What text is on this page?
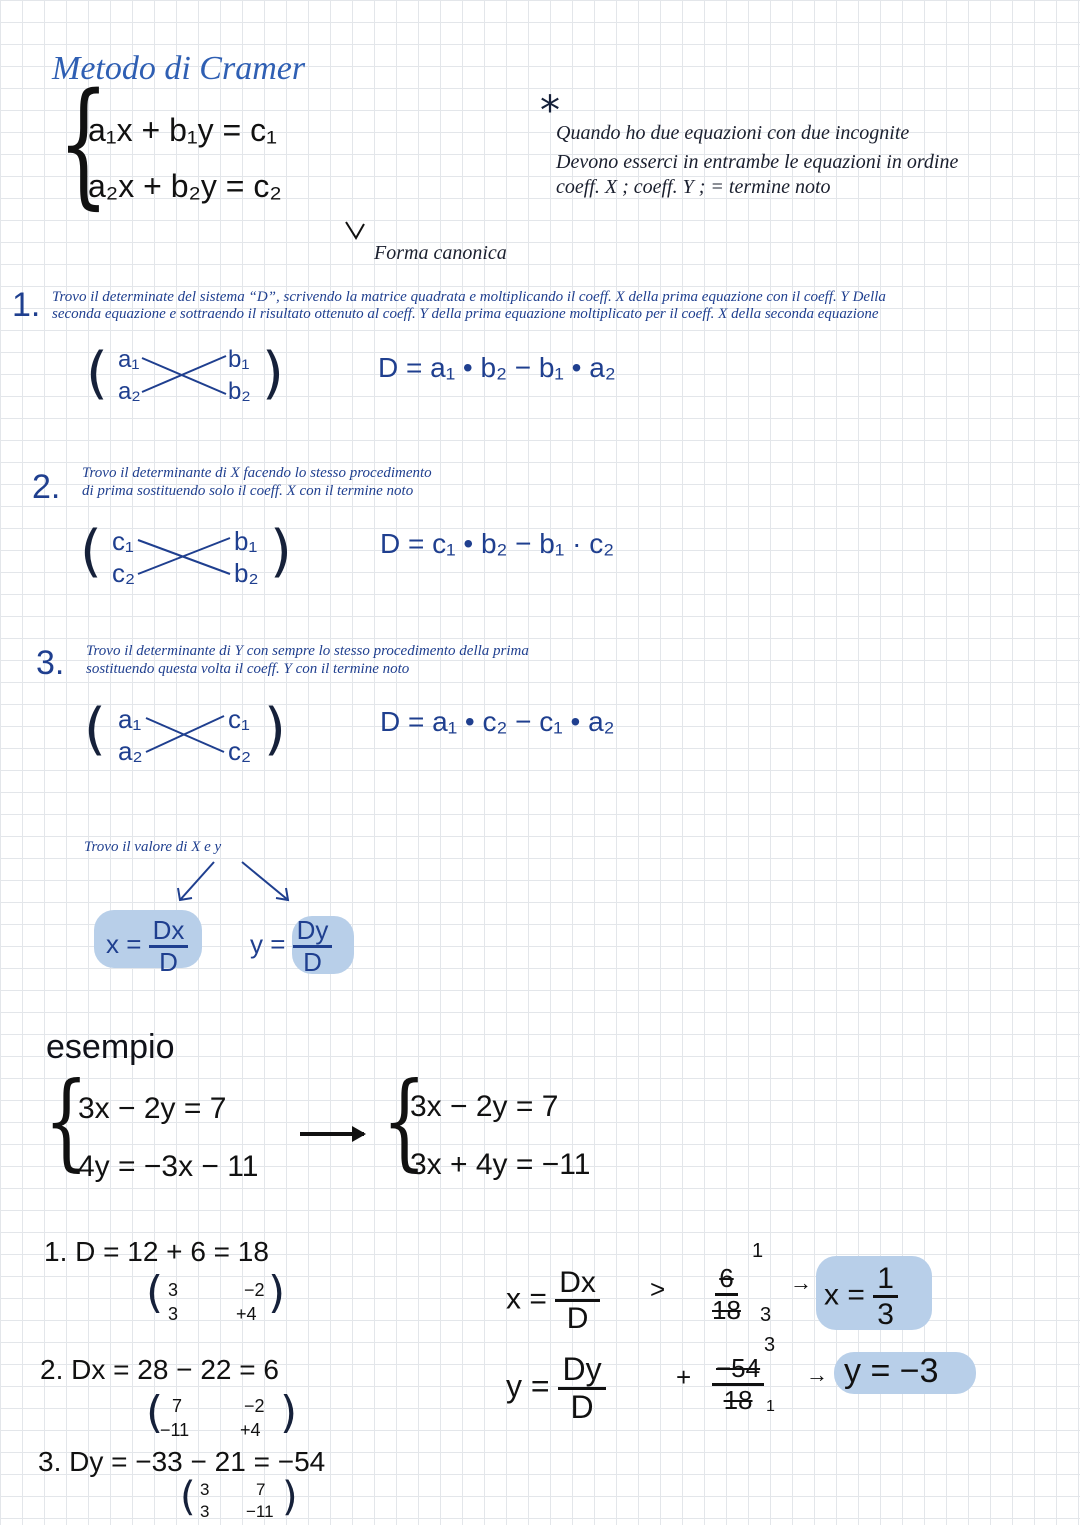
Metodo di Cramer
{
a₁x + b₁y = c₁
a₂x + b₂y = c₂
Forma canonica
*
Quando ho due equazioni con due incognite
Devono esserci in entrambe le equazioni in ordine
coeff. X ; coeff. Y ; = termine noto
1. Trovo il determinate del sistema “D”, scrivendo la matrice quadrata e moltiplicando il coeff. X della prima equazione con il coeff. Y Della
seconda equazione e sottraendo il risultato ottenuto al coeff. Y della prima equazione moltiplicato per il coeff. X della seconda equazione
( a₁	b₁
a₂	b₂ )	D = a₁ • b₂ − b₁ • a₂
2. Trovo il determinante di X facendo lo stesso procedimento
di prima sostituendo solo il coeff. X con il termine noto
( c₁	b₁
c₂	b₂ )	D = c₁ • b₂ − b₁ · c₂
3. Trovo il determinante di Y con sempre lo stesso procedimento della prima
sostituendo questa volta il coeff. Y con il termine noto
( a₁	c₁
a₂	c₂ )	D = a₁ • c₂ − c₁ • a₂
Trovo il valore di X e y
$x = \frac{Dx}{D}$ $y = \frac{Dy}{D}$
esempio
{
3x − 2y = 7
4y = −3x − 11 {
3x − 2y = 7
3x + 4y = −11
1. D = 12 + 6 = 18
( 3	−2
3	+4 )
2. Dx = 28 − 22 = 6
( 7	−2
−11	+4 )
3. Dy = −33 − 21 = −54
( 3	7
3 −11 )
$x = \frac{Dx}{D} > \frac{6}{18}$
1
3
→ $x = \frac{1}{3}$
$y = \frac{Dy}{D}$	+ $\frac{-54}{18}$
3
1
→ y = −3
